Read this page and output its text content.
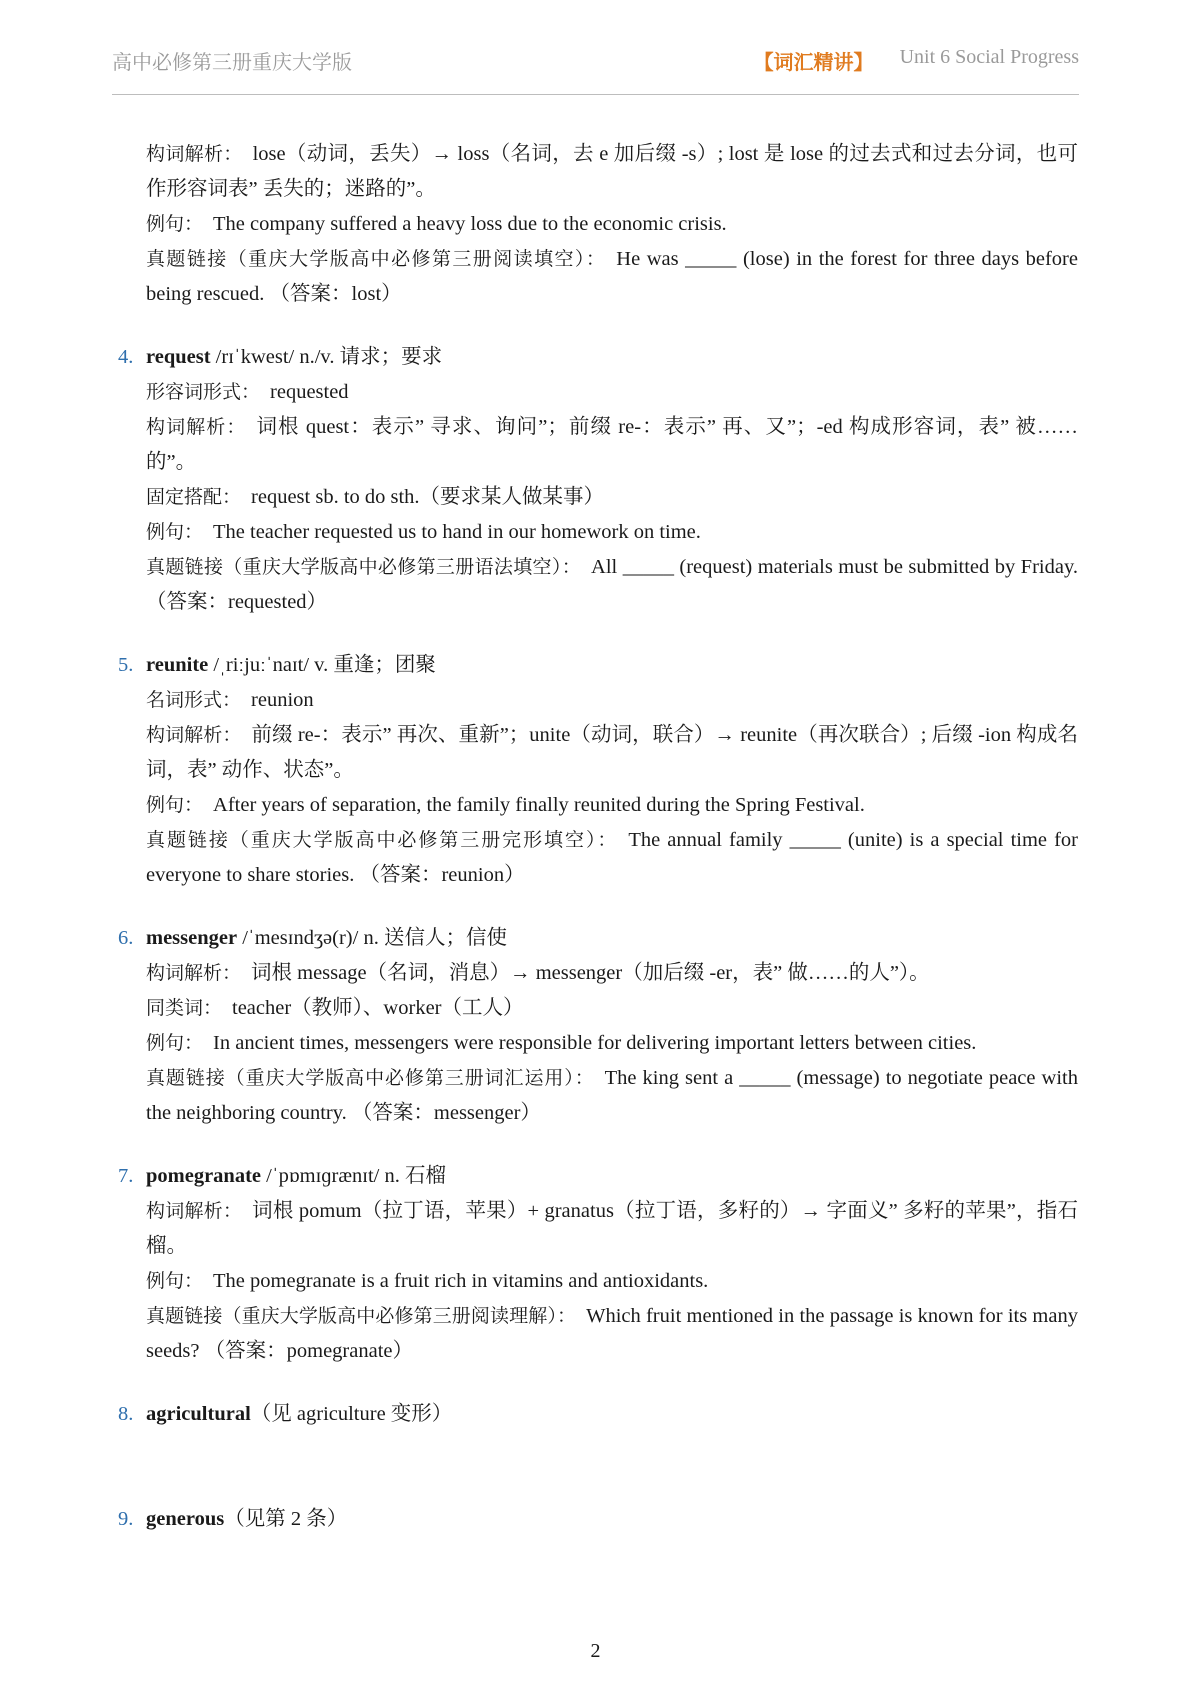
高中必修第三册重庆大学版	【词汇精讲】 Unit 6 Social Progress
构词解析： lose（动词，丢失）→ loss（名词，去 e 加后缀 -s）; lost 是 lose 的过去式和过去分词，也可作形容词表” 丢失的；迷路的”。
例句： The company suffered a heavy loss due to the economic crisis.
真题链接（重庆大学版高中必修第三册阅读填空）： He was _____ (lose) in the forest for three days before being rescued. （答案：lost）
4. request /rɪˈkwest/ n./v. 请求；要求
形容词形式： requested
构词解析： 词根 quest：表示” 寻求、询问”；前缀 re-：表示” 再、又”；-ed 构成形容词，表” 被……的”。
固定搭配： request sb. to do sth.（要求某人做某事）
例句： The teacher requested us to hand in our homework on time.
真题链接（重庆大学版高中必修第三册语法填空）： All _____ (request) materials must be submitted by Friday. （答案：requested）
5. reunite /ˌriːjuːˈnaɪt/ v. 重逢；团聚
名词形式： reunion
构词解析： 前缀 re-：表示” 再次、重新”；unite（动词，联合）→ reunite（再次联合）; 后缀 -ion 构成名词，表” 动作、状态”。
例句： After years of separation, the family finally reunited during the Spring Festival.
真题链接（重庆大学版高中必修第三册完形填空）： The annual family _____ (unite) is a special time for everyone to share stories. （答案：reunion）
6. messenger /ˈmesɪndʒə(r)/ n. 送信人；信使
构词解析： 词根 message（名词，消息）→ messenger（加后缀 -er，表” 做……的人”）。
同类词： teacher（教师）、worker（工人）
例句： In ancient times, messengers were responsible for delivering important letters between cities.
真题链接（重庆大学版高中必修第三册词汇运用）： The king sent a _____ (message) to negotiate peace with the neighboring country. （答案：messenger）
7. pomegranate /ˈpɒmɪɡrænɪt/ n. 石榴
构词解析： 词根 pomum（拉丁语，苹果）+ granatus（拉丁语，多籽的）→ 字面义” 多籽的苹果”，指石榴。
例句： The pomegranate is a fruit rich in vitamins and antioxidants.
真题链接（重庆大学版高中必修第三册阅读理解）： Which fruit mentioned in the passage is known for its many seeds? （答案：pomegranate）
8. agricultural（见 agriculture 变形）
9. generous（见第 2 条）
2
